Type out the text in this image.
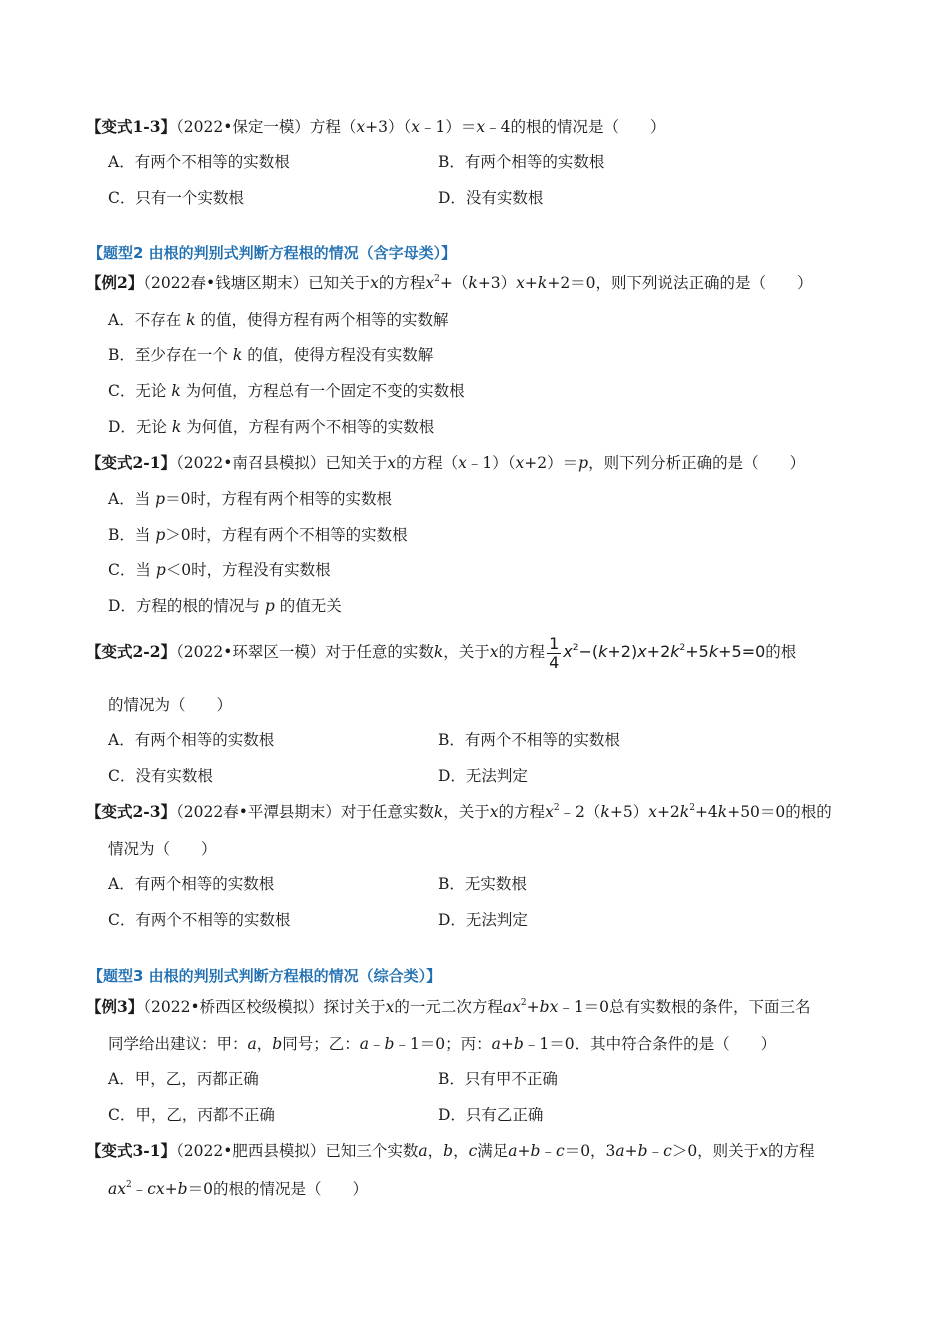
【变式1-3】（2022•保定一模）方程（x+3）（x﹣1）＝x﹣4的根的情况是（　　）
A．有两个不相等的实数根	B．有两个相等的实数根
C．只有一个实数根	D．没有实数根
【题型2 由根的判别式判断方程根的情况（含字母类）】
【例2】（2022春•钱塘区期末）已知关于x的方程$x^2+(k+3)x+k+2=0$，则下列说法正确的是（　　）
A．不存在 k 的值，使得方程有两个相等的实数解
B．至少存在一个 k 的值，使得方程没有实数解
C．无论 k 为何值，方程总有一个固定不变的实数根
D．无论 k 为何值，方程有两个不相等的实数根
【变式2-1】（2022•南召县模拟）已知关于x的方程（x﹣1）（x+2）＝p，则下列分析正确的是（　　）
A．当 p＝0时，方程有两个相等的实数根
B．当 p＞0时，方程有两个不相等的实数根
C．当 p＜0时，方程没有实数根
D．方程的根的情况与 p 的值无关
【变式2-2】（2022•环翠区一模）对于任意的实数k，关于x的方程 $\frac{1}{4} x^2-(k+2)x+2k^2+5k+5=0$的根
的情况为（　　）
A．有两个相等的实数根	B．有两个不相等的实数根
C．没有实数根	D．无法判定
【变式2-3】（2022春•平潭县期末）对于任意实数k，关于x的方程$x^2﹣2(k+5)x+2k^2+4k+50=0$的根的
情况为（　　）
A．有两个相等的实数根	B．无实数根
C．有两个不相等的实数根	D．无法判定
【题型3 由根的判别式判断方程根的情况（综合类）】
【例3】（2022•桥西区校级模拟）探讨关于x的一元二次方程$ax^2+bx﹣1=0$总有实数根的条件，下面三名
同学给出建议：甲：a，b同号；乙：a﹣b﹣1＝0；丙：a+b﹣1＝0．其中符合条件的是（　　）
A．甲，乙，丙都正确	B．只有甲不正确
C．甲，乙，丙都不正确	D．只有乙正确
【变式3-1】（2022•肥西县模拟）已知三个实数a，b，c满足a+b﹣c＝0，3a+b﹣c＞0，则关于x的方程
$ax^2﹣cx+b=0$的根的情况是（　　）
